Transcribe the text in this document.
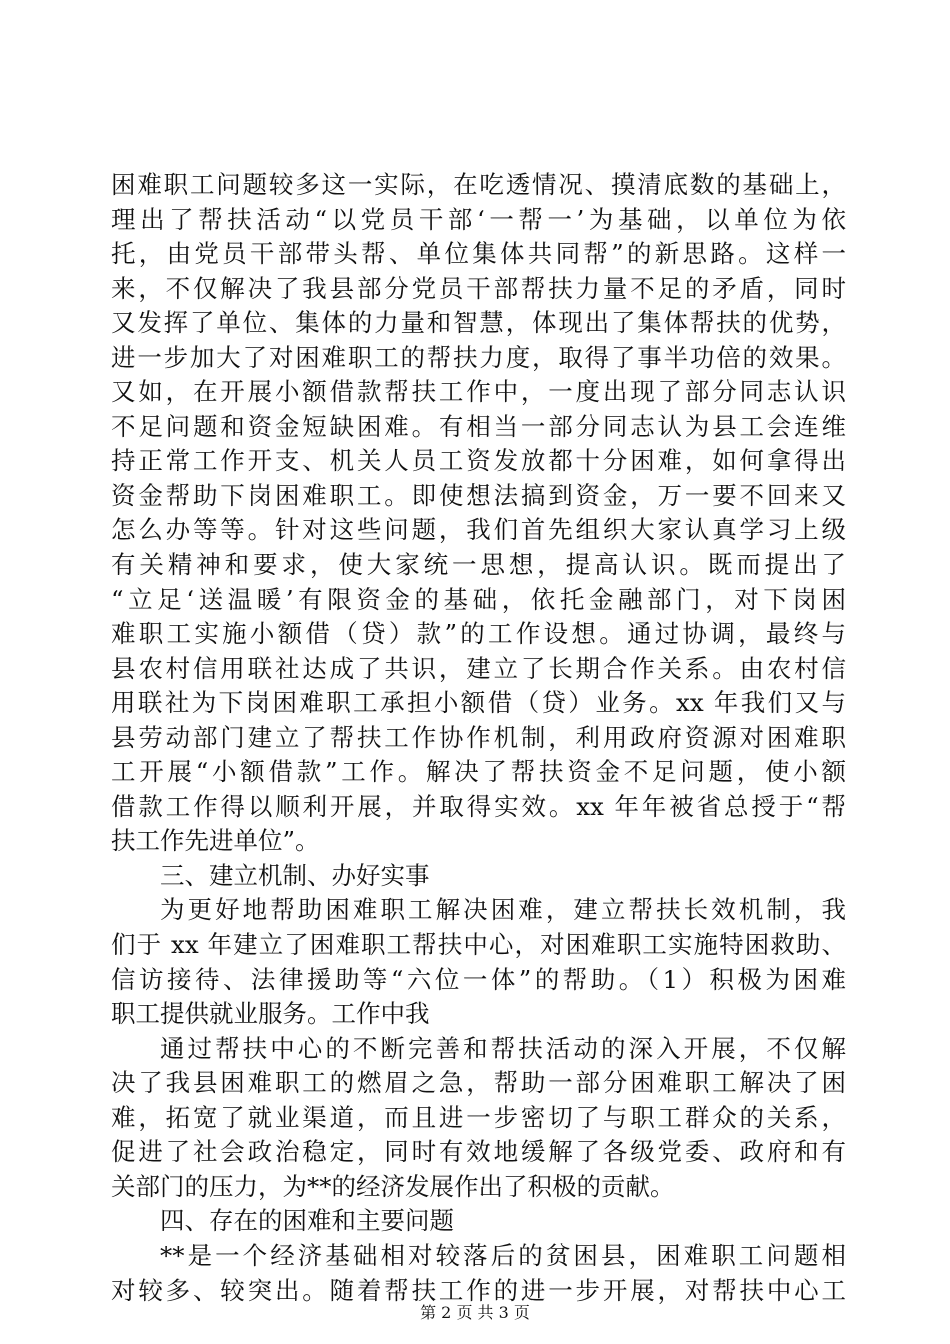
困难职工问题较多这一实际，在吃透情况、摸清底数的基础上，
理出了帮扶活动“以党员干部‘一帮一’为基础，以单位为依
托，由党员干部带头帮、单位集体共同帮”的新思路。这样一
来，不仅解决了我县部分党员干部帮扶力量不足的矛盾，同时
又发挥了单位、集体的力量和智慧，体现出了集体帮扶的优势，
进一步加大了对困难职工的帮扶力度，取得了事半功倍的效果。
又如，在开展小额借款帮扶工作中，一度出现了部分同志认识
不足问题和资金短缺困难。有相当一部分同志认为县工会连维
持正常工作开支、机关人员工资发放都十分困难，如何拿得出
资金帮助下岗困难职工。即使想法搞到资金，万一要不回来又
怎么办等等。针对这些问题，我们首先组织大家认真学习上级
有关精神和要求，使大家统一思想，提高认识。既而提出了
“立足‘送温暖’有限资金的基础，依托金融部门，对下岗困
难职工实施小额借（贷）款”的工作设想。通过协调，最终与
县农村信用联社达成了共识，建立了长期合作关系。由农村信
用联社为下岗困难职工承担小额借（贷）业务。xx 年我们又与
县劳动部门建立了帮扶工作协作机制，利用政府资源对困难职
工开展“小额借款”工作。解决了帮扶资金不足问题，使小额
借款工作得以顺利开展，并取得实效。xx 年年被省总授于“帮
扶工作先进单位”。
三、建立机制、办好实事
为更好地帮助困难职工解决困难，建立帮扶长效机制，我
们于 xx 年建立了困难职工帮扶中心，对困难职工实施特困救助、
信访接待、法律援助等“六位一体”的帮助。（1）积极为困难
职工提供就业服务。工作中我
通过帮扶中心的不断完善和帮扶活动的深入开展，不仅解
决了我县困难职工的燃眉之急，帮助一部分困难职工解决了困
难，拓宽了就业渠道，而且进一步密切了与职工群众的关系，
促进了社会政治稳定，同时有效地缓解了各级党委、政府和有
关部门的压力，为**的经济发展作出了积极的贡献。
四、存在的困难和主要问题
**是一个经济基础相对较落后的贫困县，困难职工问题相
对较多、较突出。随着帮扶工作的进一步开展，对帮扶中心工
第 2 页 共 3 页
